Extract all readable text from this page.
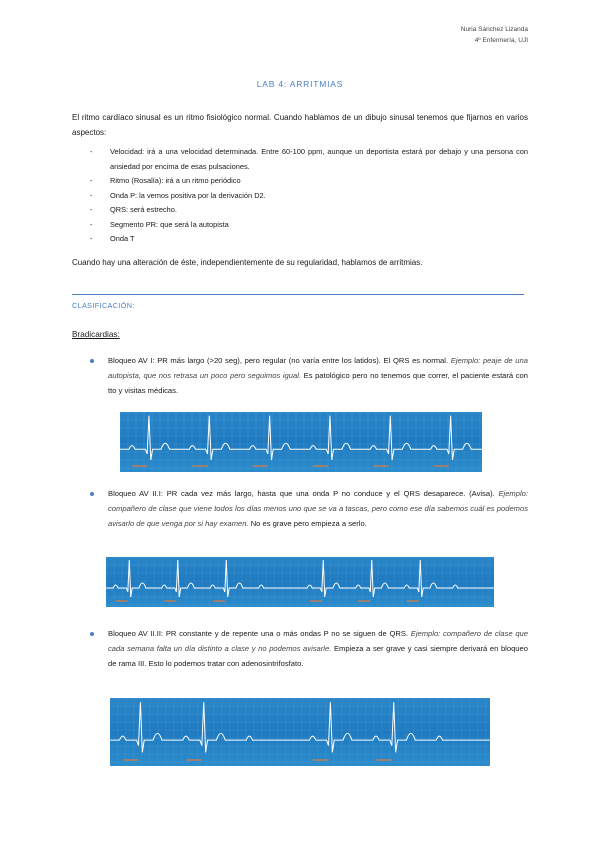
Nuria Sánchez Lizanda
4º Enfermería, UJI
LAB 4: ARRITMIAS
El ritmo cardíaco sinusal es un ritmo fisiológico normal. Cuando hablamos de un dibujo sinusal tenemos que fijarnos en varios aspectos:
- Velocidad: irá a una velocidad determinada. Entre 60-100 ppm, aunque un deportista estará por debajo y una persona con ansiedad por encima de esas pulsaciones.
- Ritmo (Rosalía): irá a un ritmo periódico
- Onda P: la vemos positiva por la derivación D2.
- QRS: será estrecho.
- Segmento PR: que será la autopista
- Onda T
Cuando hay una alteración de éste, independientemente de su regularidad, hablamos de arritmias.
CLASIFICACIÓN:
Bradicardias:

Bloqueo AV I: PR más largo (>20 seg), pero regular (no varía entre los latidos). El QRS es normal. Ejemplo: peaje de una autopista, que nos retrasa un poco pero seguimos igual. Es patológico pero no tenemos que correr, el paciente estará con tto y visitas médicas.

Bloqueo AV II.I: PR cada vez más largo, hasta que una onda P no conduce y el QRS desaparece. (Avisa). Ejemplo: compañero de clase que viene todos los días menos uno que se va a tascas, pero como ese día sabemos cuál es podemos avisarlo de que venga por si hay examen. No es grave pero empieza a serlo.

Bloqueo AV II.II: PR constante y de repente una o más ondas P no se siguen de QRS. Ejemplo: compañero de clase que cada semana falta un día distinto a clase y no podemos avisarle. Empieza a ser grave y casi siempre derivará en bloqueo de rama III. Esto lo podemos tratar con adenosintrifosfato.
